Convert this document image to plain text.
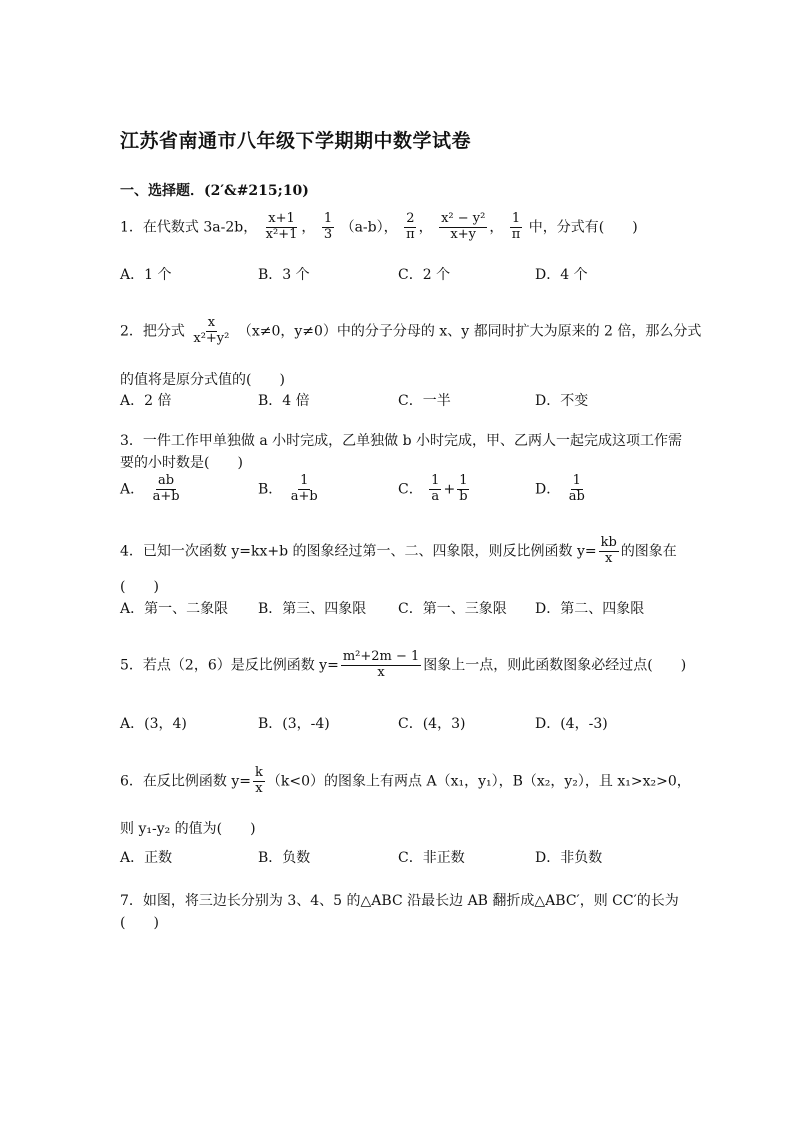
江苏省南通市八年级下学期期中数学试卷
一、选择题．(2′&#215;10)
1．在代数式 3a-2b， $\frac{x+1}{\text{x²+1}}$ ， $\frac{1}{3} (a-b)$， $\frac{2}{\pi}$ ， $\frac{\text{x² − y²}}{x+y}$ ， $\frac{1}{\pi}$ 中，分式有(　　)
A．1 个	B．3 个	C．2 个	D．4 个
2．把分式 $\frac{x}{\text{x²+y²}} (x\ne 0$，y≠0）中的分子分母的 x、y 都同时扩大为原来的 2 倍，那么分式
的值将是原分式值的(　　)
A．2 倍	B．4 倍	C．一半	D．不变
3．一件工作甲单独做 a 小时完成，乙单独做 b 小时完成，甲、乙两人一起完成这项工作需
要的小时数是(　　)
A． $\frac{ab}{a+b}$	B． $\frac{1}{a+b}$	C． $\frac{1}{a} + \frac{1}{b}$	D． $\frac{1}{ab}$
4．已知一次函数 y=kx+b 的图象经过第一、二、四象限，则反比例函数 $y= \frac{kb}{x}$ 的图象在
(　　)
A．第一、二象限 B．第三、四象限 C．第一、三象限 D．第二、四象限
5．若点（2，6）是反比例函数 $y= \frac{\text{m²+2m − 1}}{x}$ 图象上一点，则此函数图象必经过点(　　)
A．(3，4)	B．(3，-4)	C．(4，3)	D．(4，-3)
6．在反比例函数 $y= \frac{k}{x} (k<0)$的图象上有两点 A（x₁，y₁），B（x₂，y₂），且 x₁>x₂>0，
则 y₁-y₂ 的值为(　　)
A．正数	B．负数	C．非正数	D．非负数
7．如图，将三边长分别为 3、4、5 的△ABC 沿最长边 AB 翻折成△ABC′，则 CC′的长为
(　　)
